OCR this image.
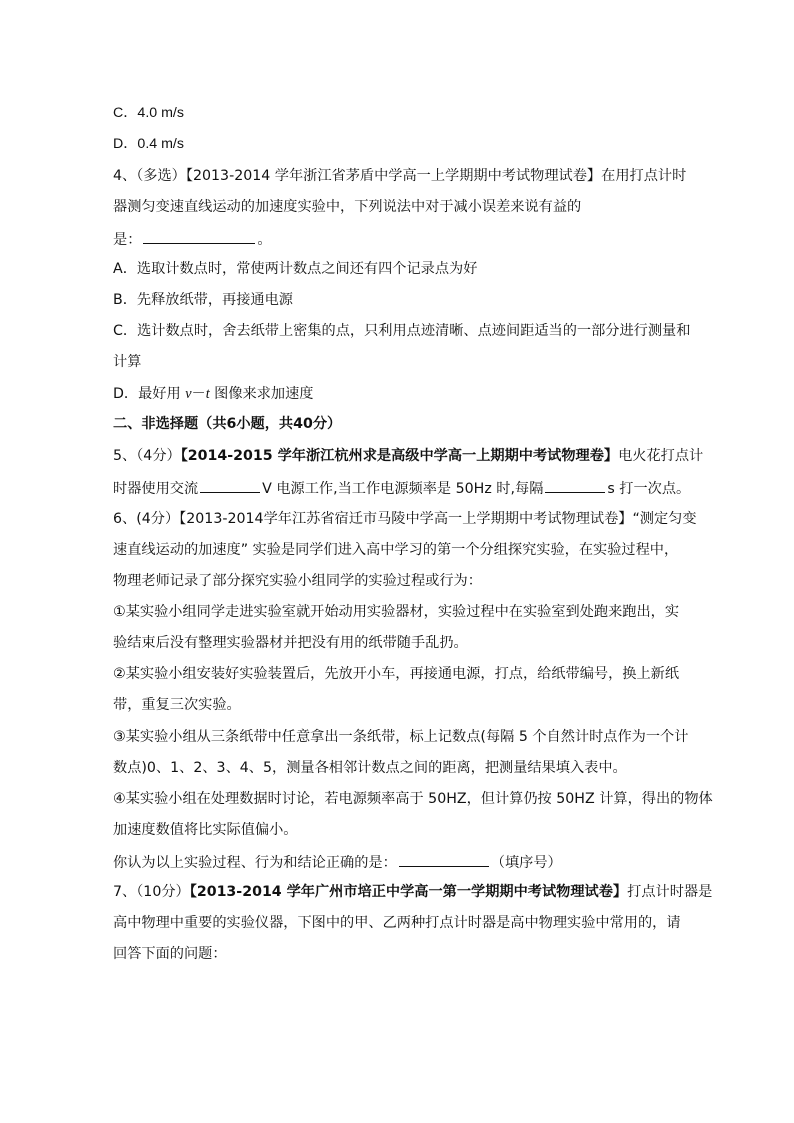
C．4.0 m/s
D．0.4 m/s
4、（多选）【2013-2014 学年浙江省茅盾中学高一上学期期中考试物理试卷】在用打点计时
器测匀变速直线运动的加速度实验中，下列说法中对于减小误差来说有益的
是：	。
A．选取计数点时，常使两计数点之间还有四个记录点为好
B．先释放纸带，再接通电源
C．选计数点时，舍去纸带上密集的点，只利用点迹清晰、点迹间距适当的一部分进行测量和
计算
D．最好用 v－t 图像来求加速度
二、非选择题（共6小题，共40分）
5、（4分）【2014-2015 学年浙江杭州求是高级中学高一上期期中考试物理卷】电火花打点计
时器使用交流	V 电源工作,当工作电源频率是 50Hz 时,每隔	s 打一次点。
6、(4分）【2013-2014学年江苏省宿迁市马陵中学高一上学期期中考试物理试卷】“测定匀变
速直线运动的加速度” 实验是同学们进入高中学习的第一个分组探究实验，在实验过程中，
物理老师记录了部分探究实验小组同学的实验过程或行为：
①某实验小组同学走进实验室就开始动用实验器材，实验过程中在实验室到处跑来跑出，实
验结束后没有整理实验器材并把没有用的纸带随手乱扔。
②某实验小组安装好实验装置后，先放开小车，再接通电源，打点，给纸带编号，换上新纸
带，重复三次实验。
③某实验小组从三条纸带中任意拿出一条纸带，标上记数点(每隔 5 个自然计时点作为一个计
数点)0、1、2、3、4、5，测量各相邻计数点之间的距离，把测量结果填入表中。
④某实验小组在处理数据时讨论，若电源频率高于 50HZ，但计算仍按 50HZ 计算，得出的物体
加速度数值将比实际值偏小。
你认为以上实验过程、行为和结论正确的是：	（填序号）
7、（10分）【2013-2014 学年广州市培正中学高一第一学期期中考试物理试卷】打点计时器是
高中物理中重要的实验仪器，下图中的甲、乙两种打点计时器是高中物理实验中常用的，请
回答下面的问题：
